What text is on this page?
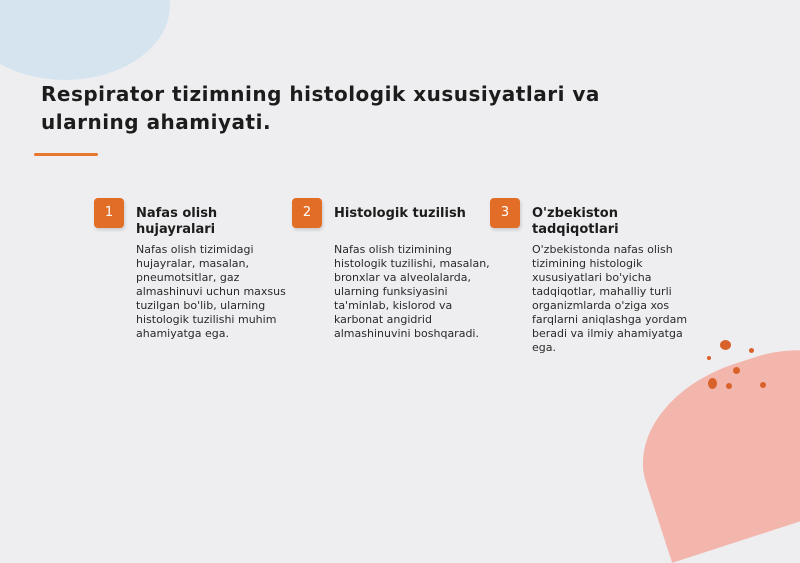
Respirator tizimning histologik xususiyatlari va ularning ahamiyati.
1	Nafas olish hujayralari

Nafas olish tizimidagi hujayralar, masalan, pneumotsitlar, gaz almashinuvi uchun maxsus tuzilgan bo'lib, ularning histologik tuzilishi muhim ahamiyatga ega.

2	Histologik tuzilish

Nafas olish tizimining histologik tuzilishi, masalan, bronxlar va alveolalarda, ularning funksiyasini ta'minlab, kislorod va karbonat angidrid almashinuvini boshqaradi.

3	O'zbekiston tadqiqotlari

O'zbekistonda nafas olish tizimining histologik xususiyatlari bo'yicha tadqiqotlar, mahalliy turli organizmlarda o'ziga xos farqlarni aniqlashga yordam beradi va ilmiy ahamiyatga ega.
